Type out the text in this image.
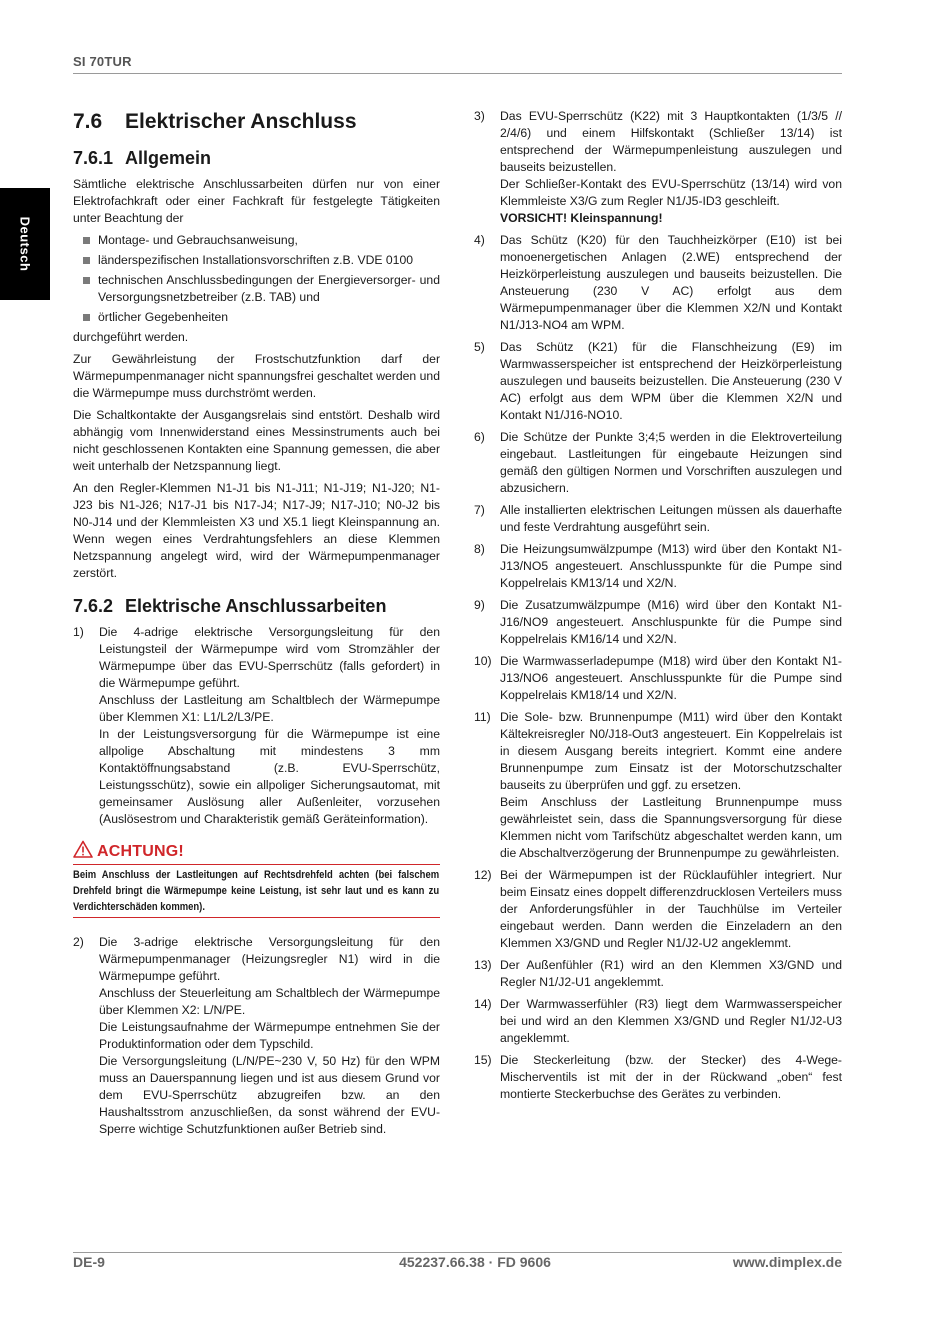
SI 70TUR
Deutsch
7.6 Elektrischer Anschluss
7.6.1 Allgemein

Sämtliche elektrische Anschlussarbeiten dürfen nur von einer Elektrofachkraft oder einer Fachkraft für festgelegte Tätigkeiten unter Beachtung der

Montage- und Gebrauchsanweisung,
länderspezifischen Installationsvorschriften z.B. VDE 0100
technischen Anschlussbedingungen der Energieversorger- und Versorgungsnetzbetreiber (z.B. TAB) und
örtlicher Gegebenheiten

durchgeführt werden.

Zur Gewährleistung der Frostschutzfunktion darf der Wärmepumpenmanager nicht spannungsfrei geschaltet werden und die Wärmepumpe muss durchströmt werden.

Die Schaltkontakte der Ausgangsrelais sind entstört. Deshalb wird abhängig vom Innenwiderstand eines Messinstruments auch bei nicht geschlossenen Kontakten eine Spannung gemessen, die aber weit unterhalb der Netzspannung liegt.

An den Regler-Klemmen N1-J1 bis N1-J11; N1-J19; N1-J20; N1-J23 bis N1-J26; N17-J1 bis N17-J4; N17-J9; N17-J10; N0-J2 bis N0-J14 und der Klemmleisten X3 und X5.1 liegt Kleinspannung an. Wenn wegen eines Verdrahtungsfehlers an diese Klemmen Netzspannung angelegt wird, wird der Wärmepumpenmanager zerstört.

7.6.2 Elektrische Anschlussarbeiten
1)	Die 4-adrige elektrische Versorgungsleitung für den Leistungsteil der Wärmepumpe wird vom Stromzähler der Wärmepumpe über das EVU-Sperrschütz (falls gefordert) in die Wärmepumpe geführt.
Anschluss der Lastleitung am Schaltblech der Wärmepumpe über Klemmen X1: L1/L2/L3/PE.
In der Leistungsversorgung für die Wärmepumpe ist eine allpolige Abschaltung mit mindestens 3 mm Kontaktöffnungsabstand (z.B. EVU-Sperrschütz, Leistungsschütz), sowie ein allpoliger Sicherungsautomat, mit gemeinsamer Auslösung aller Außenleiter, vorzusehen (Auslösestrom und Charakteristik gemäß Geräteinformation).
ACHTUNG!
Beim Anschluss der Lastleitungen auf Rechtsdrehfeld achten (bei falschem Drehfeld bringt die Wärmepumpe keine Leistung, ist sehr laut und es kann zu Verdichterschäden kommen).
2)	Die 3-adrige elektrische Versorgungsleitung für den Wärmepumpenmanager (Heizungsregler N1) wird in die Wärmepumpe geführt.
Anschluss der Steuerleitung am Schaltblech der Wärmepumpe über Klemmen X2: L/N/PE.
Die Leistungsaufnahme der Wärmepumpe entnehmen Sie der Produktinformation oder dem Typschild.
Die Versorgungsleitung (L/N/PE~230 V, 50 Hz) für den WPM muss an Dauerspannung liegen und ist aus diesem Grund vor dem EVU-Sperrschütz abzugreifen bzw. an den Haushaltsstrom anzuschließen, da sonst während der EVU-Sperre wichtige Schutzfunktionen außer Betrieb sind.
3)	Das EVU-Sperrschütz (K22) mit 3 Hauptkontakten (1/3/5 // 2/4/6) und einem Hilfskontakt (Schließer 13/14) ist entsprechend der Wärmepumpenleistung auszulegen und bauseits beizustellen.
Der Schließer-Kontakt des EVU-Sperrschütz (13/14) wird von Klemmleiste X3/G zum Regler N1/J5-ID3 geschleift.
VORSICHT! Kleinspannung!
4)	Das Schütz (K20) für den Tauchheizkörper (E10) ist bei monoenergetischen Anlagen (2.WE) entsprechend der Heizkörperleistung auszulegen und bauseits beizustellen. Die Ansteuerung (230 V AC) erfolgt aus dem Wärmepumpenmanager über die Klemmen X2/N und Kontakt N1/J13-NO4 am WPM.
5)	Das Schütz (K21) für die Flanschheizung (E9) im Warmwasserspeicher ist entsprechend der Heizkörperleistung auszulegen und bauseits beizustellen. Die Ansteuerung (230 V AC) erfolgt aus dem WPM über die Klemmen X2/N und Kontakt N1/J16-NO10.
6)	Die Schütze der Punkte 3;4;5 werden in die Elektroverteilung eingebaut. Lastleitungen für eingebaute Heizungen sind gemäß den gültigen Normen und Vorschriften auszulegen und abzusichern.
7)	Alle installierten elektrischen Leitungen müssen als dauerhafte und feste Verdrahtung ausgeführt sein.
8)	Die Heizungsumwälzpumpe (M13) wird über den Kontakt N1-J13/NO5 angesteuert. Anschlusspunkte für die Pumpe sind Koppelrelais KM13/14 und X2/N.
9)	Die Zusatzumwälzpumpe (M16) wird über den Kontakt N1-J16/NO9 angesteuert. Anschluspunkte für die Pumpe sind Koppelrelais KM16/14 und X2/N.
10) Die Warmwasserladepumpe (M18) wird über den Kontakt N1-J13/NO6 angesteuert. Anschlusspunkte für die Pumpe sind Koppelrelais KM18/14 und X2/N.
11) Die Sole- bzw. Brunnenpumpe (M11) wird über den Kontakt Kältekreisregler N0/J18-Out3 angesteuert. Ein Koppelrelais ist in diesem Ausgang bereits integriert. Kommt eine andere Brunnenpumpe zum Einsatz ist der Motorschutzschalter bauseits zu überprüfen und ggf. zu ersetzen.
Beim Anschluss der Lastleitung Brunnenpumpe muss gewährleistet sein, dass die Spannungsversorgung für diese Klemmen nicht vom Tarifschütz abgeschaltet werden kann, um die Abschaltverzögerung der Brunnenpumpe zu gewährleisten.
12) Bei der Wärmepumpen ist der Rücklaufühler integriert. Nur beim Einsatz eines doppelt differenzdrucklosen Verteilers muss der Anforderungsfühler in der Tauchhülse im Verteiler eingebaut werden. Dann werden die Einzeladern an den Klemmen X3/GND und Regler N1/J2-U2 angeklemmt.
13) Der Außenfühler (R1) wird an den Klemmen X3/GND und Regler N1/J2-U1 angeklemmt.
14) Der Warmwasserfühler (R3) liegt dem Warmwasserspeicher bei und wird an den Klemmen X3/GND und Regler N1/J2-U3 angeklemmt.
15) Die Steckerleitung (bzw. der Stecker) des 4-Wege-Mischerventils ist mit der in der Rückwand „oben“ fest montierte Steckerbuchse des Gerätes zu verbinden.
DE-9	452237.66.38 · FD 9606	www.dimplex.de
